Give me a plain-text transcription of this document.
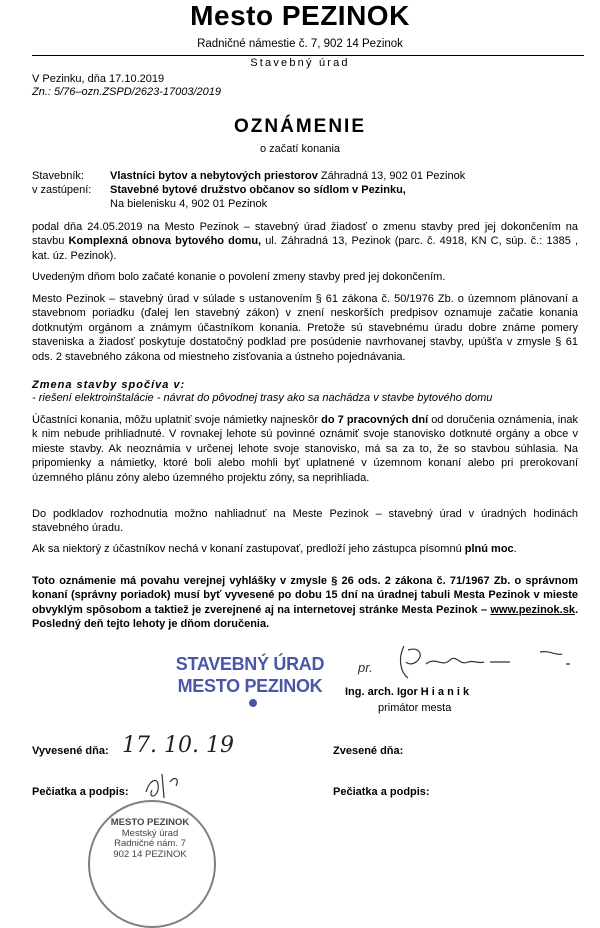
Mesto PEZINOK
Radničné námestie č. 7, 902 14 Pezinok
Stavebný úrad
V Pezinku, dňa 17.10.2019
Zn.: 5/76–ozn.ZSPD/2623-17003/2019
OZNÁMENIE
o začatí konania
Stavebník: Vlastníci bytov a nebytových priestorov Záhradná 13, 902 01 Pezinok
v zastúpení: Stavebné bytové družstvo občanov so sídlom v Pezinku,
Na bielenisku 4, 902 01 Pezinok
podal dňa 24.05.2019 na Mesto Pezinok – stavebný úrad žiadosť o zmenu stavby pred jej dokončením na stavbu Komplexná obnova bytového domu, ul. Záhradná 13, Pezinok (parc. č. 4918, KN C, súp. č.: 1385 , kat. úz. Pezinok).
Uvedeným dňom bolo začaté konanie o povolení zmeny stavby pred jej dokončením.
Mesto Pezinok – stavebný úrad v súlade s ustanovením § 61 zákona č. 50/1976 Zb. o územnom plánovaní a stavebnom poriadku (ďalej len stavebný zákon) v znení neskorších predpisov oznamuje začatie konania dotknutým orgánom a známym účastníkom konania. Pretože sú stavebnému úradu dobre známe pomery staveniska a žiadosť poskytuje dostatočný podklad pre posúdenie navrhovanej stavby, upúšťa v zmysle § 61 ods. 2 stavebného zákona od miestneho zisťovania a ústneho pojednávania.
Zmena stavby spočíva v:
- riešení elektroinštalácie - návrat do pôvodnej trasy ako sa nachádza v stavbe bytového domu
Účastníci konania, môžu uplatniť svoje námietky najneskôr do 7 pracovných dní od doručenia oznámenia, inak k nim nebude prihliadnuté. V rovnakej lehote sú povinné oznámiť svoje stanovisko dotknuté orgány a obce v mieste stavby. Ak neoznámia v určenej lehote svoje stanovisko, má sa za to, že so stavbou súhlasia. Na pripomienky a námietky, ktoré boli alebo mohli byť uplatnené v územnom konaní alebo pri prerokovaní územného plánu zóny alebo územného projektu zóny, sa neprihliada.
Do podkladov rozhodnutia možno nahliadnuť na Meste Pezinok – stavebný úrad v úradných hodinách stavebného úradu.
Ak sa niektorý z účastníkov nechá v konaní zastupovať, predloží jeho zástupca písomnú plnú moc.
Toto oznámenie má povahu verejnej vyhlášky v zmysle § 26 ods. 2 zákona č. 71/1967 Zb. o správnom konaní (správny poriadok) musí byť vyvesené po dobu 15 dní na úradnej tabuli Mesta Pezinok v mieste obvyklým spôsobom a taktiež je zverejnené aj na internetovej stránke Mesta Pezinok – www.pezinok.sk. Posledný deň tejto lehoty je dňom doručenia.
STAVEBNÝ ÚRAD
MESTO PEZINOK
pr.
Ing. arch. Igor H i a n i k
primátor mesta
Vyvesené dňa: 17. 10. 19	Zvesené dňa:
Pečiatka a podpis:	Pečiatka a podpis:
MESTO PEZINOK
Mestský úrad
Radničné nám. 7
902 14 PEZINOK
